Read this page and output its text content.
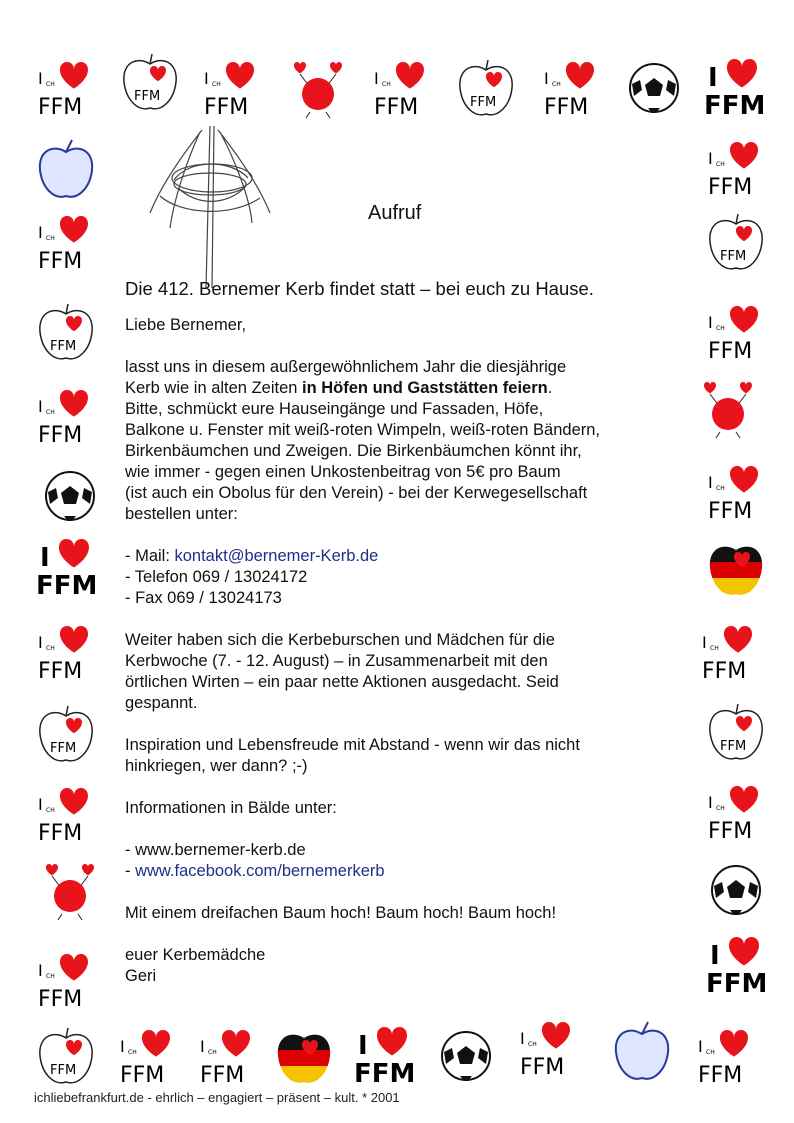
Aufruf

Die 412. Bernemer Kerb findet statt – bei euch zu Hause.

Liebe Bernemer,

lasst uns in diesem außergewöhnlichem Jahr die diesjährige

Kerb wie in alten Zeiten in Höfen und Gaststätten feiern.

Bitte, schmückt eure Hauseingänge und Fassaden, Höfe,

Balkone u. Fenster mit weiß-roten Wimpeln, weiß-roten Bändern,

Birkenbäumchen und Zweigen. Die Birkenbäumchen könnt ihr,

wie immer - gegen einen Unkostenbeitrag von 5€ pro Baum

(ist auch ein Obolus für den Verein) - bei der Kerwegesellschaft

bestellen unter:

- Mail: kontakt@bernemer-Kerb.de

- Telefon 069 / 13024172

- Fax 069 / 13024173

Weiter haben sich die Kerbeburschen und Mädchen für die

Kerbwoche (7. - 12. August) – in Zusammenarbeit mit den

örtlichen Wirten – ein paar nette Aktionen ausgedacht. Seid

gespannt.

Inspiration und Lebensfreude mit Abstand - wenn wir das nicht

hinkriegen, wer dann? ;-)

Informationen in Bälde unter:

- www.bernemer-kerb.de

- www.facebook.com/bernemerkerb

Mit einem dreifachen Baum hoch! Baum hoch! Baum hoch!

euer Kerbemädche

Geri

ichliebefrankfurt.de - ehrlich – engagiert – präsent – kult. * 2001
I CH
FFM	FFM
I CH
FFM
I CH
FFM	FFM
I CH
FFM
I
FFM
I CH
FFM
I CH
FFM	FFM
FFM
I CH
FFM
I CH
FFM
I CH
FFM
I
FFM
I CH
FFM
I CH
FFM
FFM	FFM
I CH
FFM
I CH
FFM
I CH
FFM
I
FFM
FFM
I CH
FFM
I CH
FFM
I
FFM
I CH
FFM
I CH
FFM
